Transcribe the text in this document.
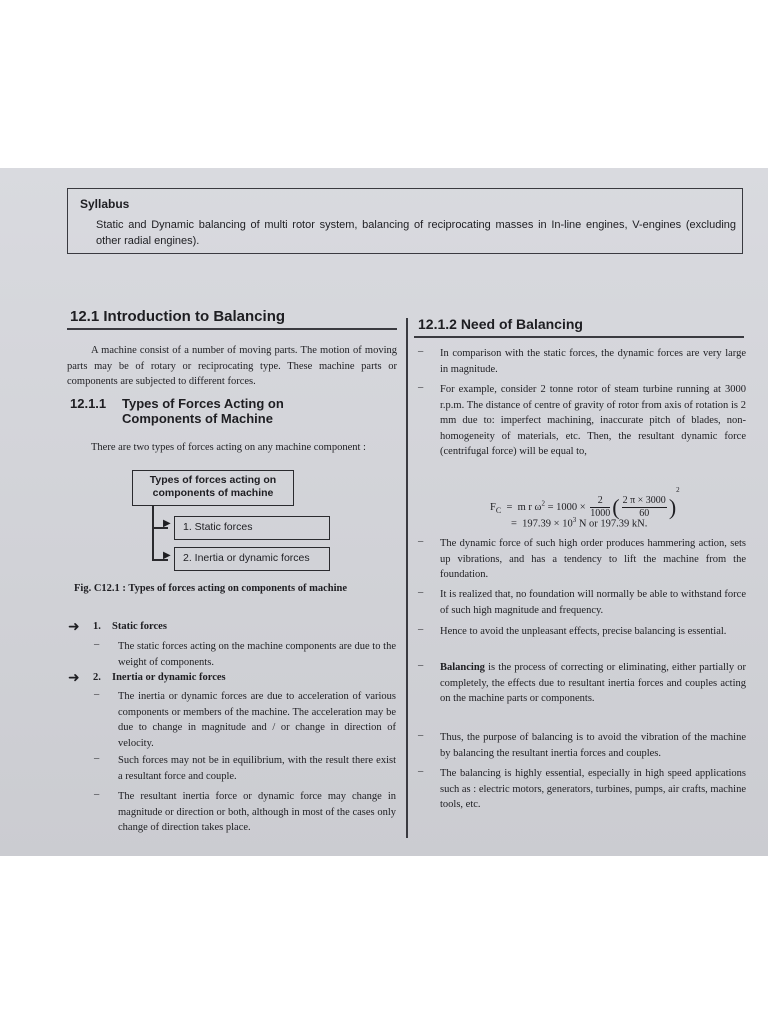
Syllabus
Static and Dynamic balancing of multi rotor system, balancing of reciprocating masses in In-line engines, V-engines (excluding other radial engines).
12.1 Introduction to Balancing
A machine consist of a number of moving parts. The motion of moving parts may be of rotary or reciprocating type. These machine parts or components are subjected to different forces.
12.1.1 Types of Forces Acting on
Components of Machine
There are two types of forces acting on any machine component :
Types of forces acting on components of machine
▶
▶
1. Static forces
2. Inertia or dynamic forces
Fig. C12.1 : Types of forces acting on components of machine
➜ 1. Static forces
– The static forces acting on the machine components are due to the weight of components.
➜ 2. Inertia or dynamic forces
– The inertia or dynamic forces are due to acceleration of various components or members of the machine. The acceleration may be due to change in magnitude and / or change in direction of velocity.
– Such forces may not be in equilibrium, with the result there exist a resultant force and couple.
– The resultant inertia force or dynamic force may change in magnitude or direction or both, although in most of the cases only change of direction takes place.
12.1.2 Need of Balancing
– In comparison with the static forces, the dynamic forces are very large in magnitude.
– For example, consider 2 tonne rotor of steam turbine running at 3000 r.p.m. The distance of centre of gravity of rotor from axis of rotation is 2 mm due to: imperfect machining, inaccurate pitch of blades, non-homogeneity of materials, etc. Then, the resultant dynamic force (centrifugal force) will be equal to,
$F_C = m$ r $\omega^2 = 1000 \times \frac{2}{1000}$ ( $\frac{2 \pi \times 3000}{60} )^2$
= $197.39 \times 10^3$ N or 197.39 kN.
– The dynamic force of such high order produces hammering action, sets up vibrations, and has a tendency to lift the machine from the foundation.
– It is realized that, no foundation will normally be able to withstand force of such high magnitude and frequency.
– Hence to avoid the unpleasant effects, precise balancing is essential.
– Balancing is the process of correcting or eliminating, either partially or completely, the effects due to resultant inertia forces and couples acting on the machine parts or components.
– Thus, the purpose of balancing is to avoid the vibration of the machine by balancing the resultant inertia forces and couples.
– The balancing is highly essential, especially in high speed applications such as : electric motors, generators, turbines, pumps, air crafts, machine tools, etc.
